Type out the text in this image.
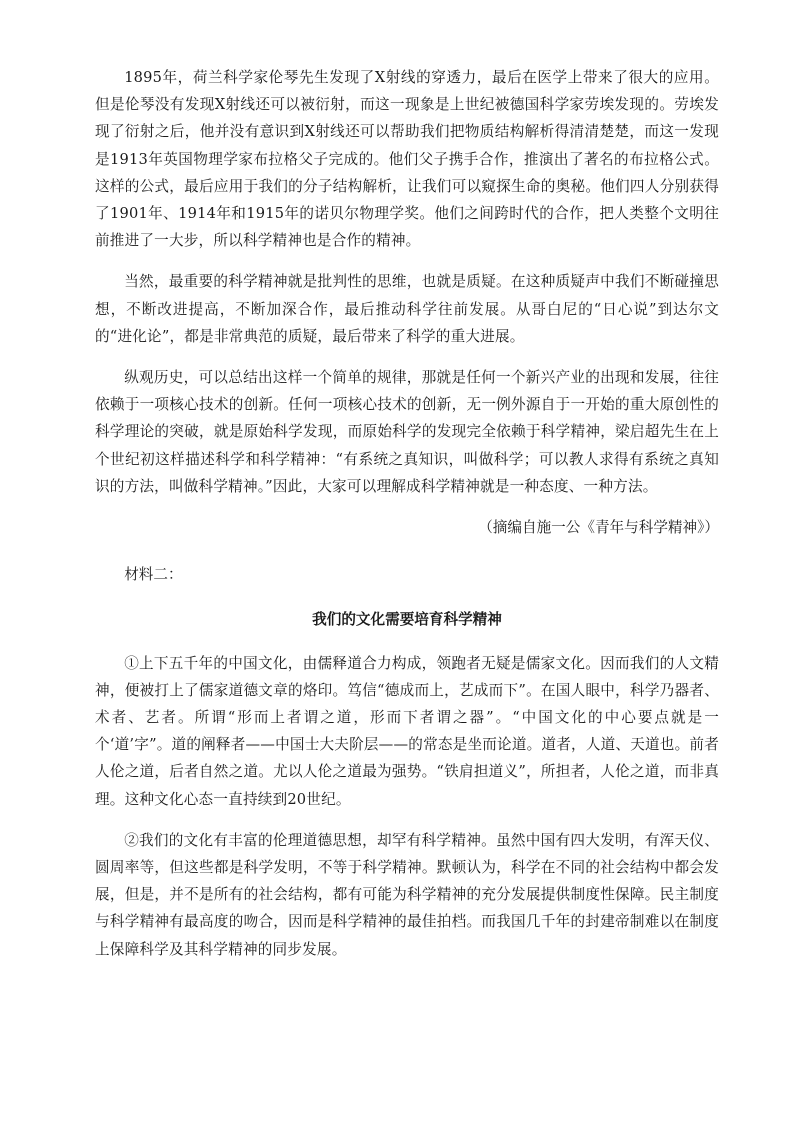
1895年，荷兰科学家伦琴先生发现了X射线的穿透力，最后在医学上带来了很大的应用。但是伦琴没有发现X射线还可以被衍射，而这一现象是上世纪被德国科学家劳埃发现的。劳埃发现了衍射之后，他并没有意识到X射线还可以帮助我们把物质结构解析得清清楚楚，而这一发现是1913年英国物理学家布拉格父子完成的。他们父子携手合作，推演出了著名的布拉格公式。这样的公式，最后应用于我们的分子结构解析，让我们可以窥探生命的奥秘。他们四人分别获得了1901年、1914年和1915年的诺贝尔物理学奖。他们之间跨时代的合作，把人类整个文明往前推进了一大步，所以科学精神也是合作的精神。

当然，最重要的科学精神就是批判性的思维，也就是质疑。在这种质疑声中我们不断碰撞思想，不断改进提高，不断加深合作，最后推动科学往前发展。从哥白尼的“日心说”到达尔文的“进化论”，都是非常典范的质疑，最后带来了科学的重大进展。

纵观历史，可以总结出这样一个简单的规律，那就是任何一个新兴产业的出现和发展，往往依赖于一项核心技术的创新。任何一项核心技术的创新，无一例外源自于一开始的重大原创性的科学理论的突破，就是原始科学发现，而原始科学的发现完全依赖于科学精神，梁启超先生在上个世纪初这样描述科学和科学精神：“有系统之真知识，叫做科学；可以教人求得有系统之真知识的方法，叫做科学精神。”因此，大家可以理解成科学精神就是一种态度、一种方法。

（摘编自施一公《青年与科学精神》）

材料二：

我们的文化需要培育科学精神

①上下五千年的中国文化，由儒释道合力构成，领跑者无疑是儒家文化。因而我们的人文精神，便被打上了儒家道德文章的烙印。笃信“德成而上，艺成而下”。在国人眼中，科学乃器者、术者、艺者。所谓“形而上者谓之道，形而下者谓之器”。“中国文化的中心要点就是一个‘道’字”。道的阐释者——中国士大夫阶层——的常态是坐而论道。道者，人道、天道也。前者人伦之道，后者自然之道。尤以人伦之道最为强势。“铁肩担道义”，所担者，人伦之道，而非真理。这种文化心态一直持续到20世纪。

②我们的文化有丰富的伦理道德思想，却罕有科学精神。虽然中国有四大发明，有浑天仪、圆周率等，但这些都是科学发明，不等于科学精神。默顿认为，科学在不同的社会结构中都会发展，但是，并不是所有的社会结构，都有可能为科学精神的充分发展提供制度性保障。民主制度与科学精神有最高度的吻合，因而是科学精神的最佳拍档。而我国几千年的封建帝制难以在制度上保障科学及其科学精神的同步发展。
